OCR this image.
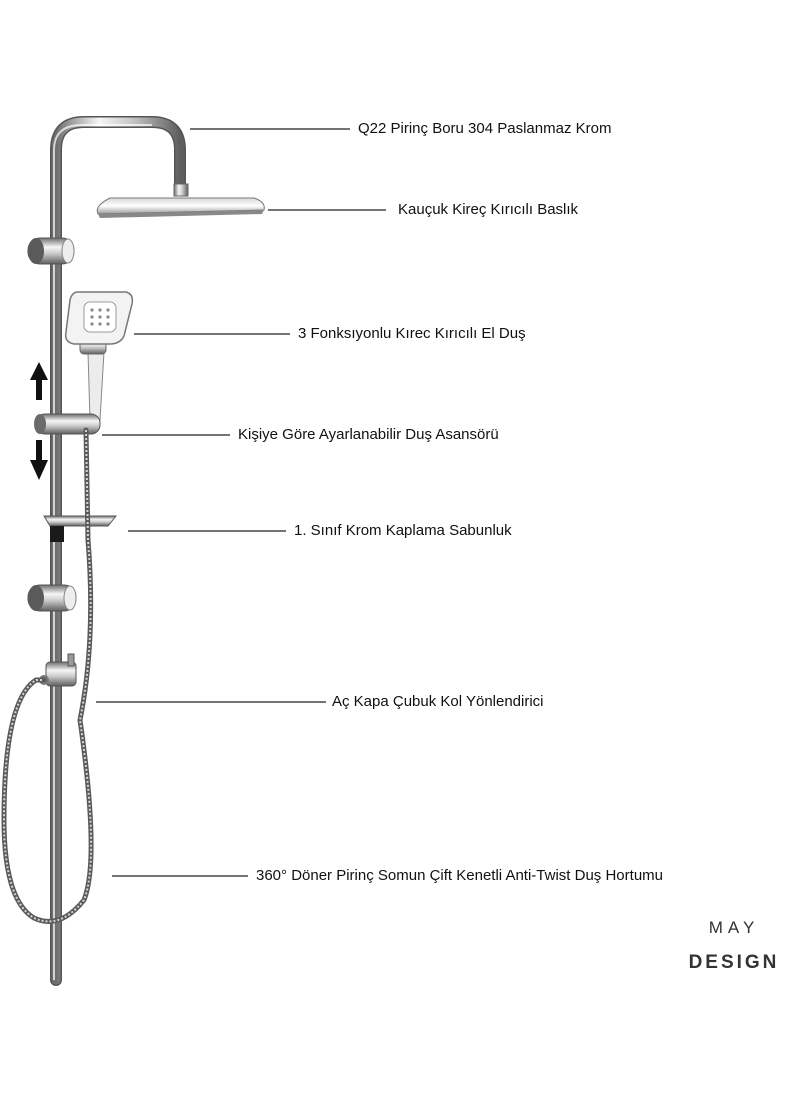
Q22 Pirinç Boru 304 Paslanmaz Krom
Kauçuk Kireç Kırıcılı Baslık
3 Fonksıyonlu Kırec Kırıcılı El Duş
Kişiye Göre Ayarlanabilir Duş Asansörü
1. Sınıf Krom Kaplama Sabunluk
Aç Kapa Çubuk Kol Yönlendirici
360° Döner Pirinç Somun Çift Kenetli Anti-Twist Duş Hortumu
MAY
DESIGN
